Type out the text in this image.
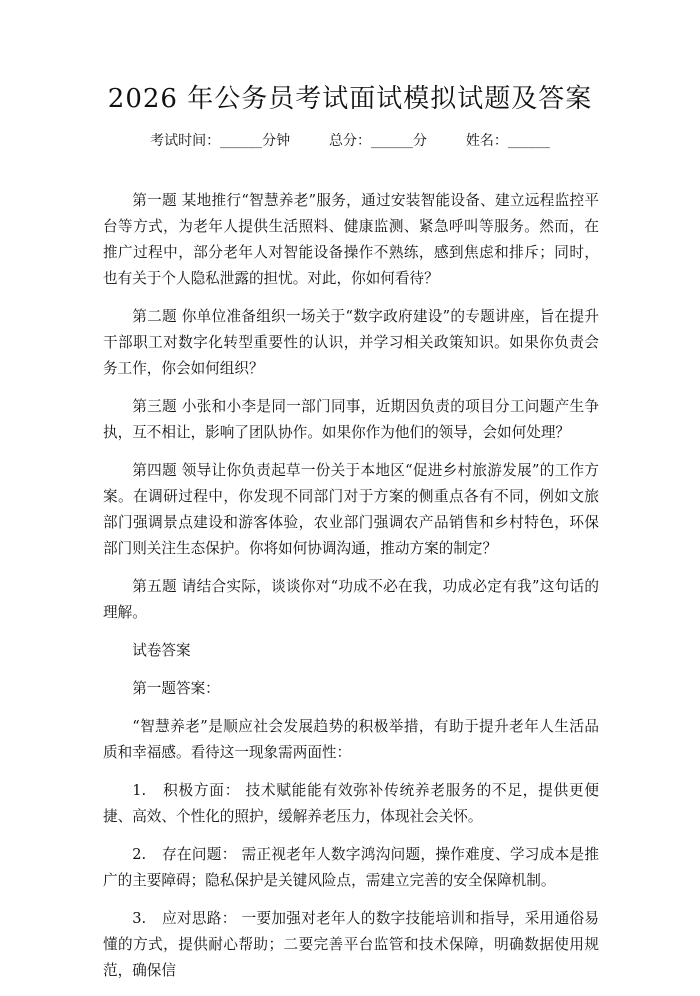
2026 年公务员考试面试模拟试题及答案
考试时间：______分钟	总分：______分	姓名：______

第一题 某地推行“智慧养老”服务，通过安装智能设备、建立远程监控平台等方式，为老年人提供生活照料、健康监测、紧急呼叫等服务。然而，在推广过程中，部分老年人对智能设备操作不熟练，感到焦虑和排斥；同时，也有关于个人隐私泄露的担忧。对此，你如何看待？

第二题 你单位准备组织一场关于“数字政府建设”的专题讲座，旨在提升干部职工对数字化转型重要性的认识，并学习相关政策知识。如果你负责会务工作，你会如何组织？

第三题 小张和小李是同一部门同事，近期因负责的项目分工问题产生争执，互不相让，影响了团队协作。如果你作为他们的领导，会如何处理？

第四题 领导让你负责起草一份关于本地区“促进乡村旅游发展”的工作方案。在调研过程中，你发现不同部门对于方案的侧重点各有不同，例如文旅部门强调景点建设和游客体验，农业部门强调农产品销售和乡村特色，环保部门则关注生态保护。你将如何协调沟通，推动方案的制定？

第五题 请结合实际，谈谈你对“功成不必在我，功成必定有我”这句话的理解。

试卷答案

第一题答案：

“智慧养老”是顺应社会发展趋势的积极举措，有助于提升老年人生活品质和幸福感。看待这一现象需两面性：

1. 积极方面： 技术赋能能有效弥补传统养老服务的不足，提供更便捷、高效、个性化的照护，缓解养老压力，体现社会关怀。

2. 存在问题： 需正视老年人数字鸿沟问题，操作难度、学习成本是推广的主要障碍；隐私保护是关键风险点，需建立完善的安全保障机制。

3. 应对思路： 一要加强对老年人的数字技能培训和指导，采用通俗易懂的方式，提供耐心帮助；二要完善平台监管和技术保障，明确数据使用规范，确保信
